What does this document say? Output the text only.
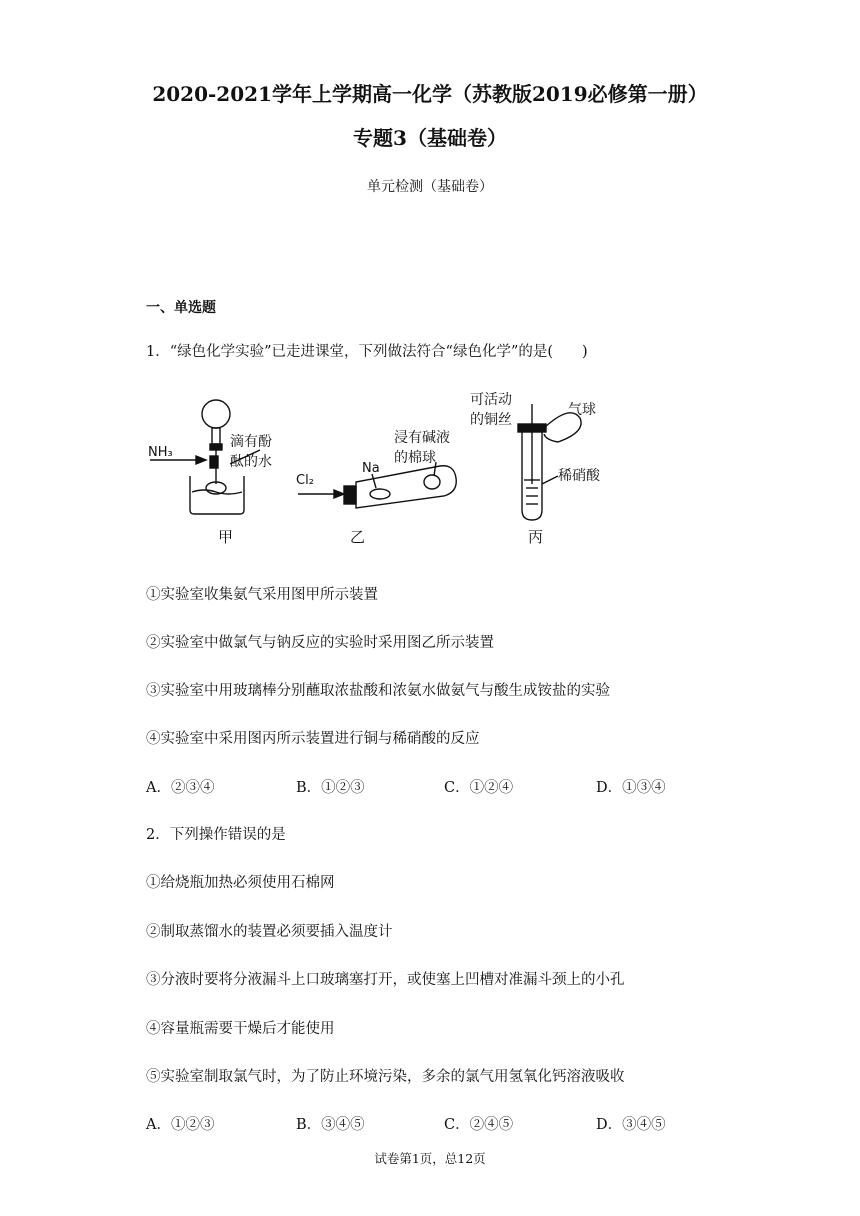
2020-2021学年上学期高一化学（苏教版2019必修第一册）
专题3（基础卷）
单元检测（基础卷）
一、单选题
1．“绿色化学实验”已走进课堂，下列做法符合“绿色化学”的是(　　)
NH₃
滴有酚
酞的水
甲
Cl₂
Na
浸有碱液
的棉球
乙
可活动
的铜丝
气球
稀硝酸
丙
①实验室收集氨气采用图甲所示装置
②实验室中做氯气与钠反应的实验时采用图乙所示装置
③实验室中用玻璃棒分别蘸取浓盐酸和浓氨水做氨气与酸生成铵盐的实验
④实验室中采用图丙所示装置进行铜与稀硝酸的反应
A．②③④	B．①②③	C．①②④	D．①③④
2．下列操作错误的是
①给烧瓶加热必须使用石棉网
②制取蒸馏水的装置必须要插入温度计
③分液时要将分液漏斗上口玻璃塞打开，或使塞上凹槽对准漏斗颈上的小孔
④容量瓶需要干燥后才能使用
⑤实验室制取氯气时，为了防止环境污染，多余的氯气用氢氧化钙溶液吸收
A．①②③	B．③④⑤	C．②④⑤	D．③④⑤
试卷第1页，总12页
